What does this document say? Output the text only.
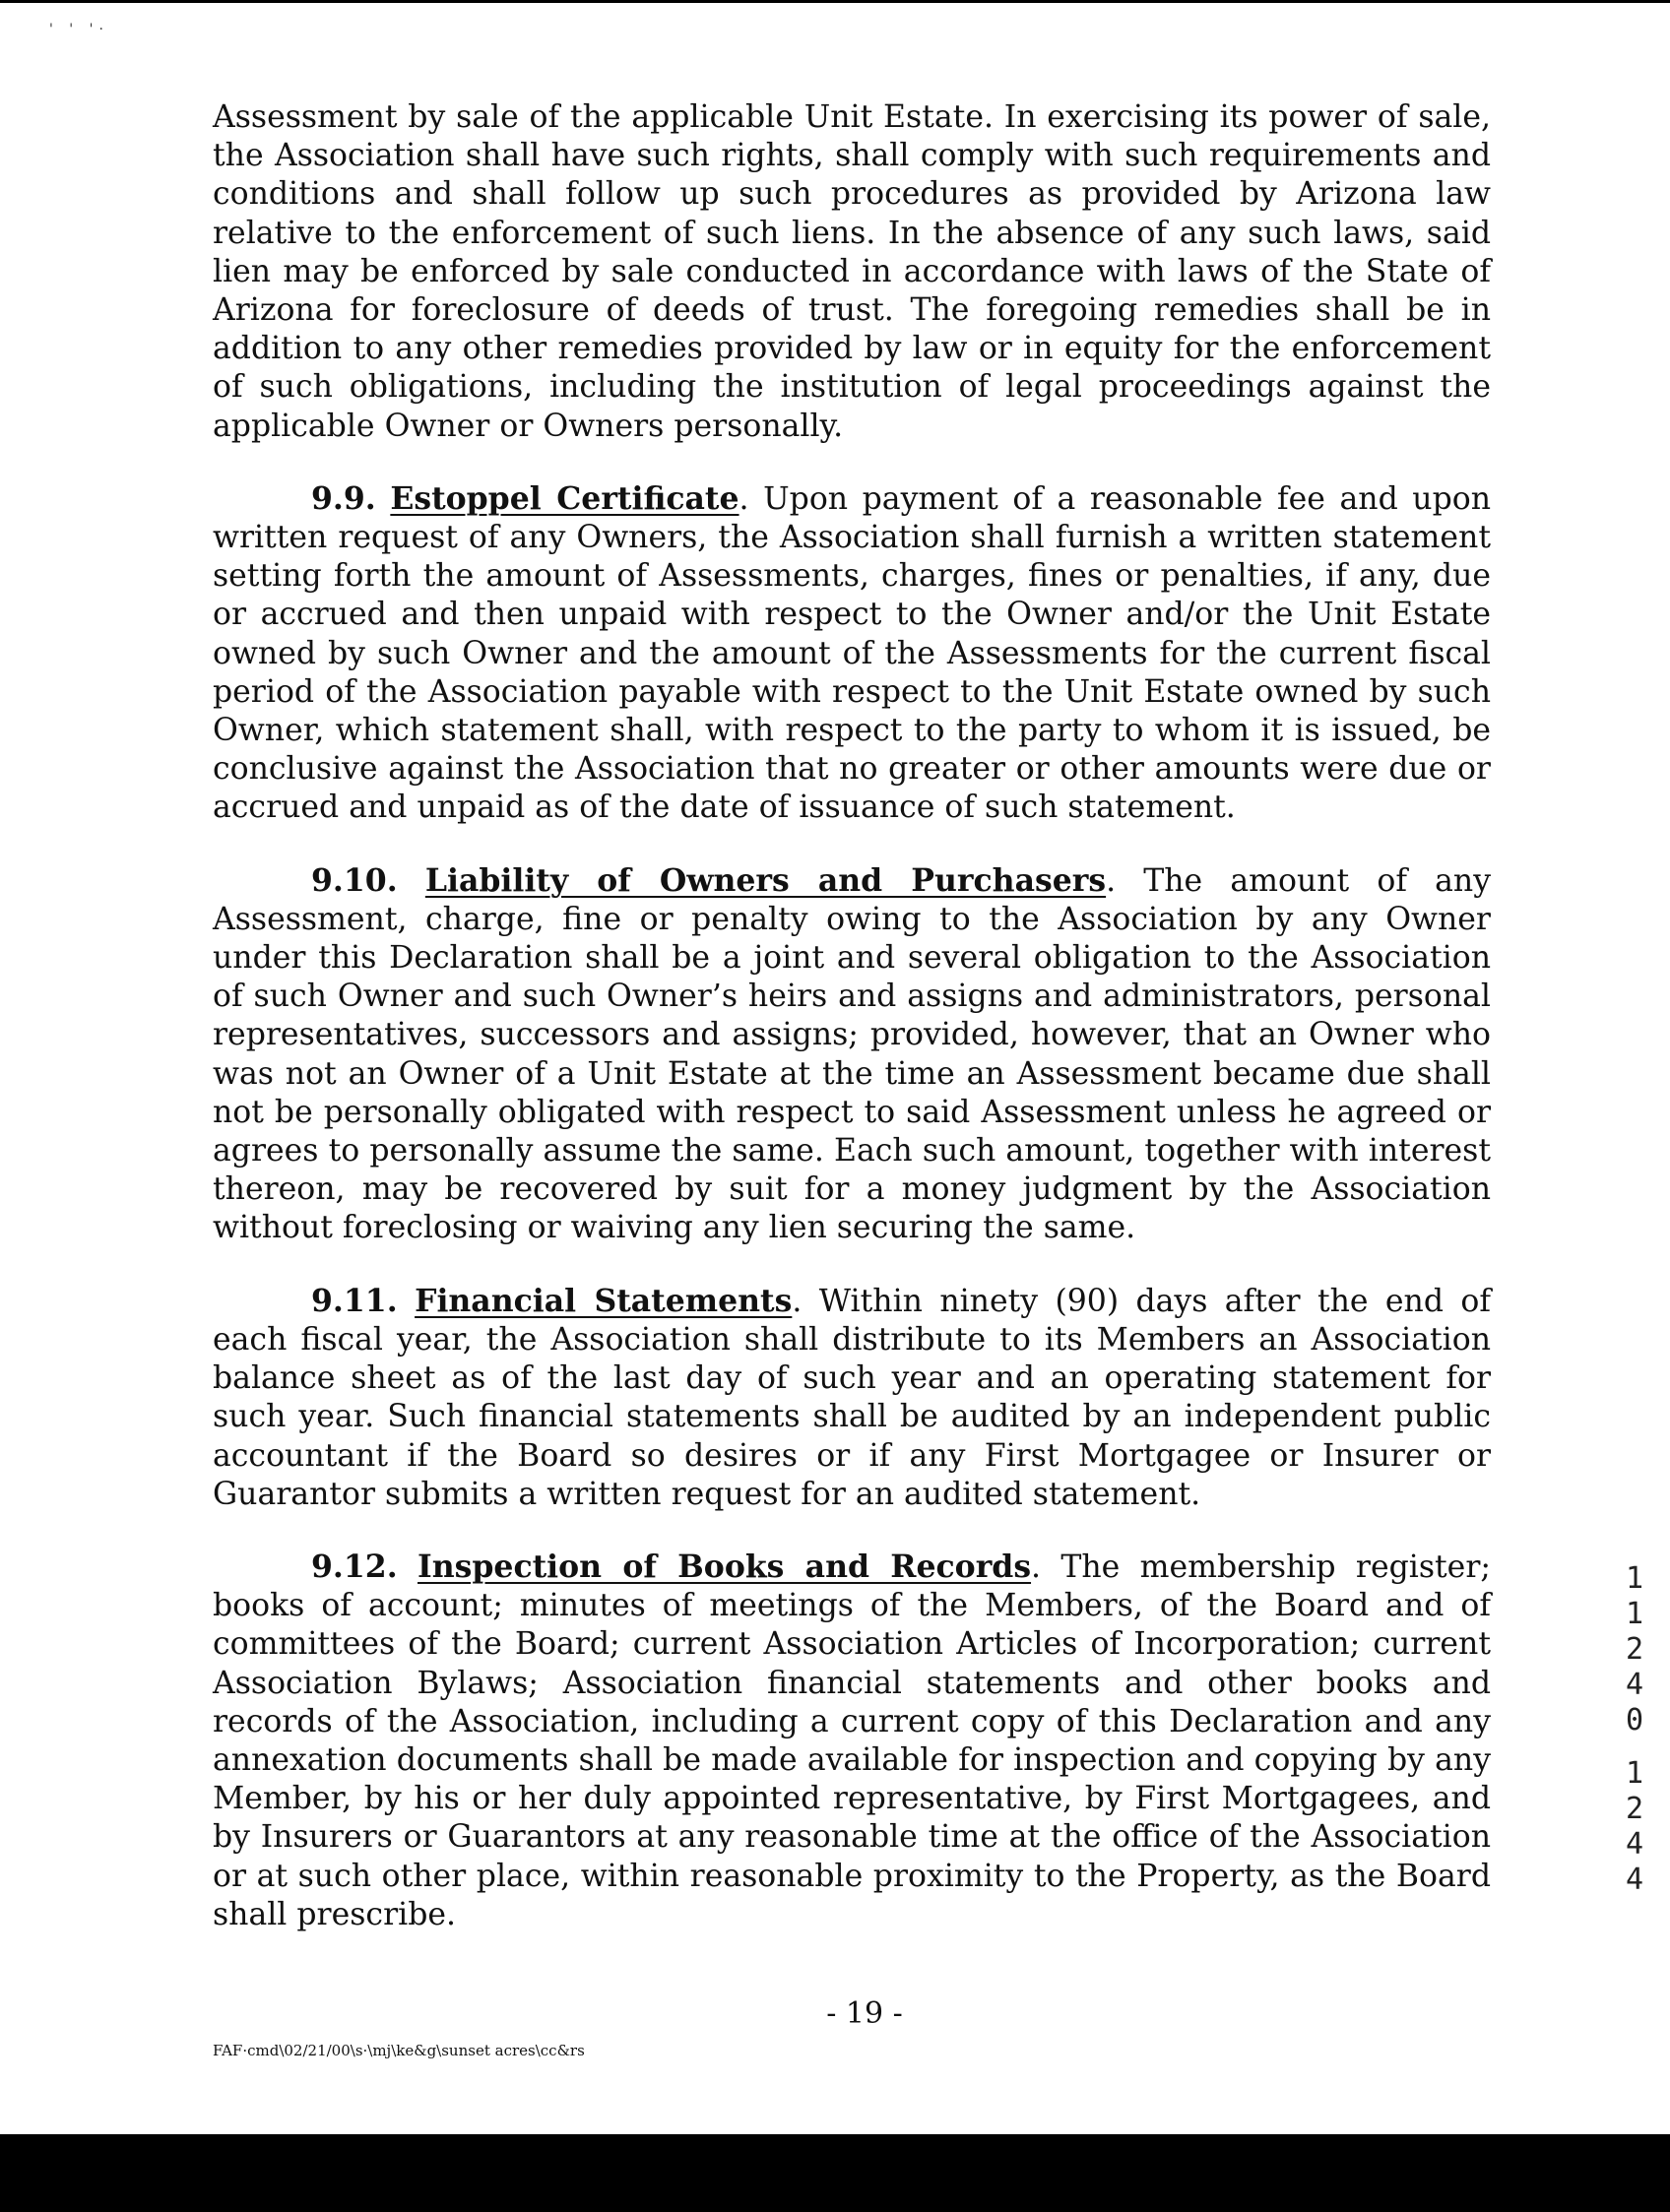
' ' '·

Assessment by sale of the applicable Unit Estate. In exercising its power of sale, the Association shall have such rights, shall comply with such requirements and conditions and shall follow up such procedures as provided by Arizona law relative to the enforcement of such liens. In the absence of any such laws, said lien may be enforced by sale conducted in accordance with laws of the State of Arizona for foreclosure of deeds of trust. The foregoing remedies shall be in addition to any other remedies provided by law or in equity for the enforcement of such obligations, including the institution of legal proceedings against the applicable Owner or Owners personally.

9.9. Estoppel Certificate. Upon payment of a reasonable fee and upon written request of any Owners, the Association shall furnish a written statement setting forth the amount of Assessments, charges, fines or penalties, if any, due or accrued and then unpaid with respect to the Owner and/or the Unit Estate owned by such Owner and the amount of the Assessments for the current fiscal period of the Association payable with respect to the Unit Estate owned by such Owner, which statement shall, with respect to the party to whom it is issued, be conclusive against the Association that no greater or other amounts were due or accrued and unpaid as of the date of issuance of such statement.

9.10. Liability of Owners and Purchasers. The amount of any Assessment, charge, fine or penalty owing to the Association by any Owner under this Declaration shall be a joint and several obligation to the Association of such Owner and such Owner’s heirs and assigns and administrators, personal representatives, successors and assigns; provided, however, that an Owner who was not an Owner of a Unit Estate at the time an Assessment became due shall not be personally obligated with respect to said Assessment unless he agreed or agrees to personally assume the same. Each such amount, together with interest thereon, may be recovered by suit for a money judgment by the Association without foreclosing or waiving any lien securing the same.

9.11. Financial Statements. Within ninety (90) days after the end of each fiscal year, the Association shall distribute to its Members an Association balance sheet as of the last day of such year and an operating statement for such year. Such financial statements shall be audited by an independent public accountant if the Board so desires or if any First Mortgagee or Insurer or Guarantor submits a written request for an audited statement.

9.12. Inspection of Books and Records. The membership register; books of account; minutes of meetings of the Members, of the Board and of committees of the Board; current Association Articles of Incorporation; current Association Bylaws; Association financial statements and other books and records of the Association, including a current copy of this Declaration and any annexation documents shall be made available for inspection and copying by any Member, by his or her duly appointed representative, by First Mortgagees, and by Insurers or Guarantors at any reasonable time at the office of the Association or at such other place, within reasonable proximity to the Property, as the Board shall prescribe.

1
1
2
4
0
1
2
4
4
- 19 -
FAF·cmd\02/21/00\s·\mj\ke&g\sunset acres\cc&rs
